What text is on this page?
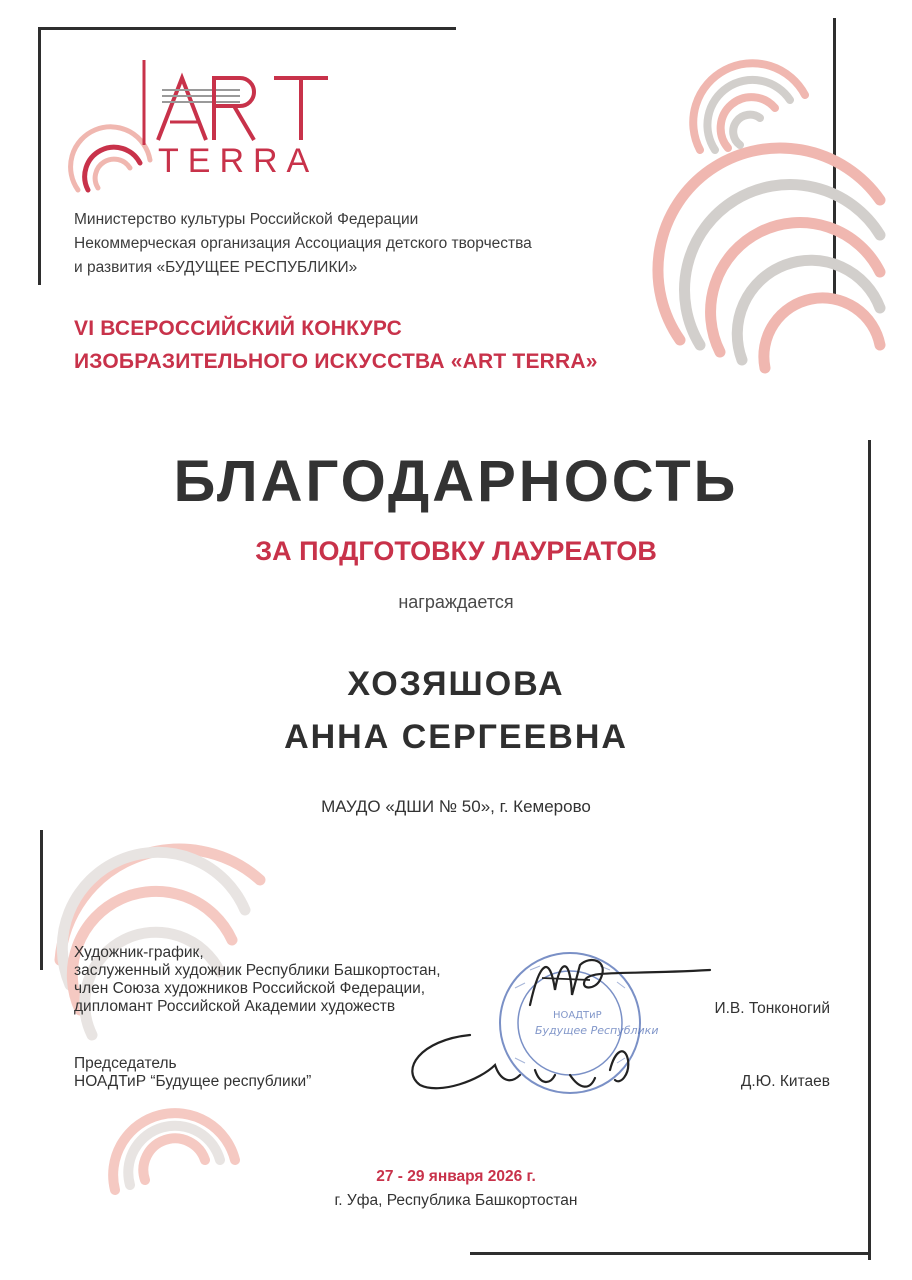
TERRA
Министерство культуры Российской Федерации
Некоммерческая организация Ассоциация детского творчества
и развития «БУДУЩЕЕ РЕСПУБЛИКИ»
VI ВСЕРОССИЙСКИЙ КОНКУРС
ИЗОБРАЗИТЕЛЬНОГО ИСКУССТВА «ART TERRA»
БЛАГОДАРНОСТЬ
ЗА ПОДГОТОВКУ ЛАУРЕАТОВ
награждается
ХОЗЯШОВА
АННА СЕРГЕЕВНА
МАУДО «ДШИ № 50», г. Кемерово
Художник-график,
заслуженный художник Республики Башкортостан,
член Союза художников Российской Федерации,
дипломант Российской Академии художеств	И.В. Тонконогий
Председатель
НОАДТиР “Будущее республики”	Д.Ю. Китаев
НОАДТиР
Будущее Республики
27 - 29 января 2026 г.
г. Уфа, Республика Башкортостан
